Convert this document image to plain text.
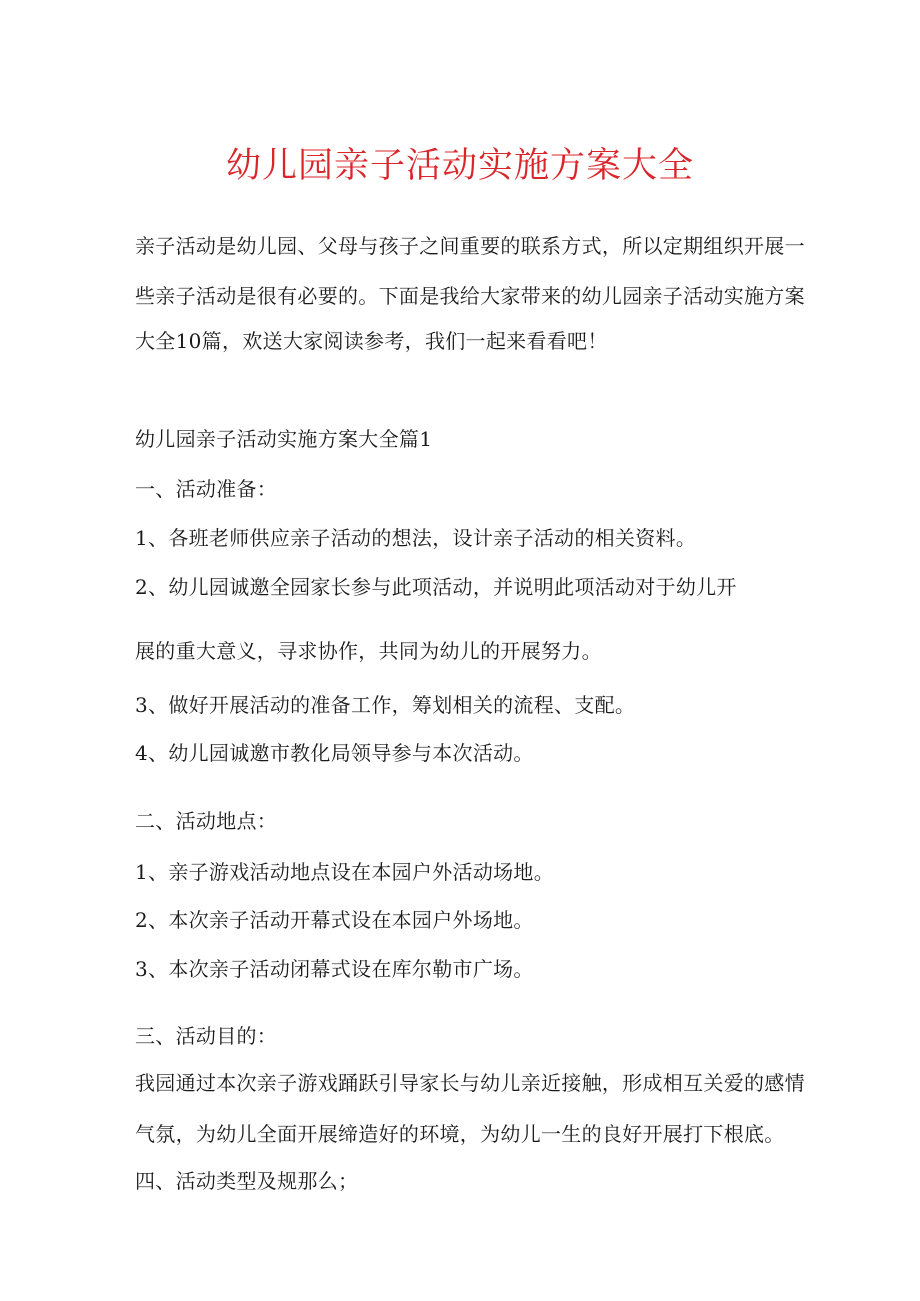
幼儿园亲子活动实施方案大全
亲子活动是幼儿园、父母与孩子之间重要的联系方式，所以定期组织开展一
些亲子活动是很有必要的。下面是我给大家带来的幼儿园亲子活动实施方案
大全10篇，欢送大家阅读参考，我们一起来看看吧！
幼儿园亲子活动实施方案大全篇1
一、活动准备：
1、各班老师供应亲子活动的想法，设计亲子活动的相关资料。
2、幼儿园诚邀全园家长参与此项活动，并说明此项活动对于幼儿开
展的重大意义，寻求协作，共同为幼儿的开展努力。
3、做好开展活动的准备工作，筹划相关的流程、支配。
4、幼儿园诚邀市教化局领导参与本次活动。
二、活动地点：
1、亲子游戏活动地点设在本园户外活动场地。
2、本次亲子活动开幕式设在本园户外场地。
3、本次亲子活动闭幕式设在库尔勒市广场。
三、活动目的：
我园通过本次亲子游戏踊跃引导家长与幼儿亲近接触，形成相互关爱的感情
气氛，为幼儿全面开展缔造好的环境，为幼儿一生的良好开展打下根底。
四、活动类型及规那么；
